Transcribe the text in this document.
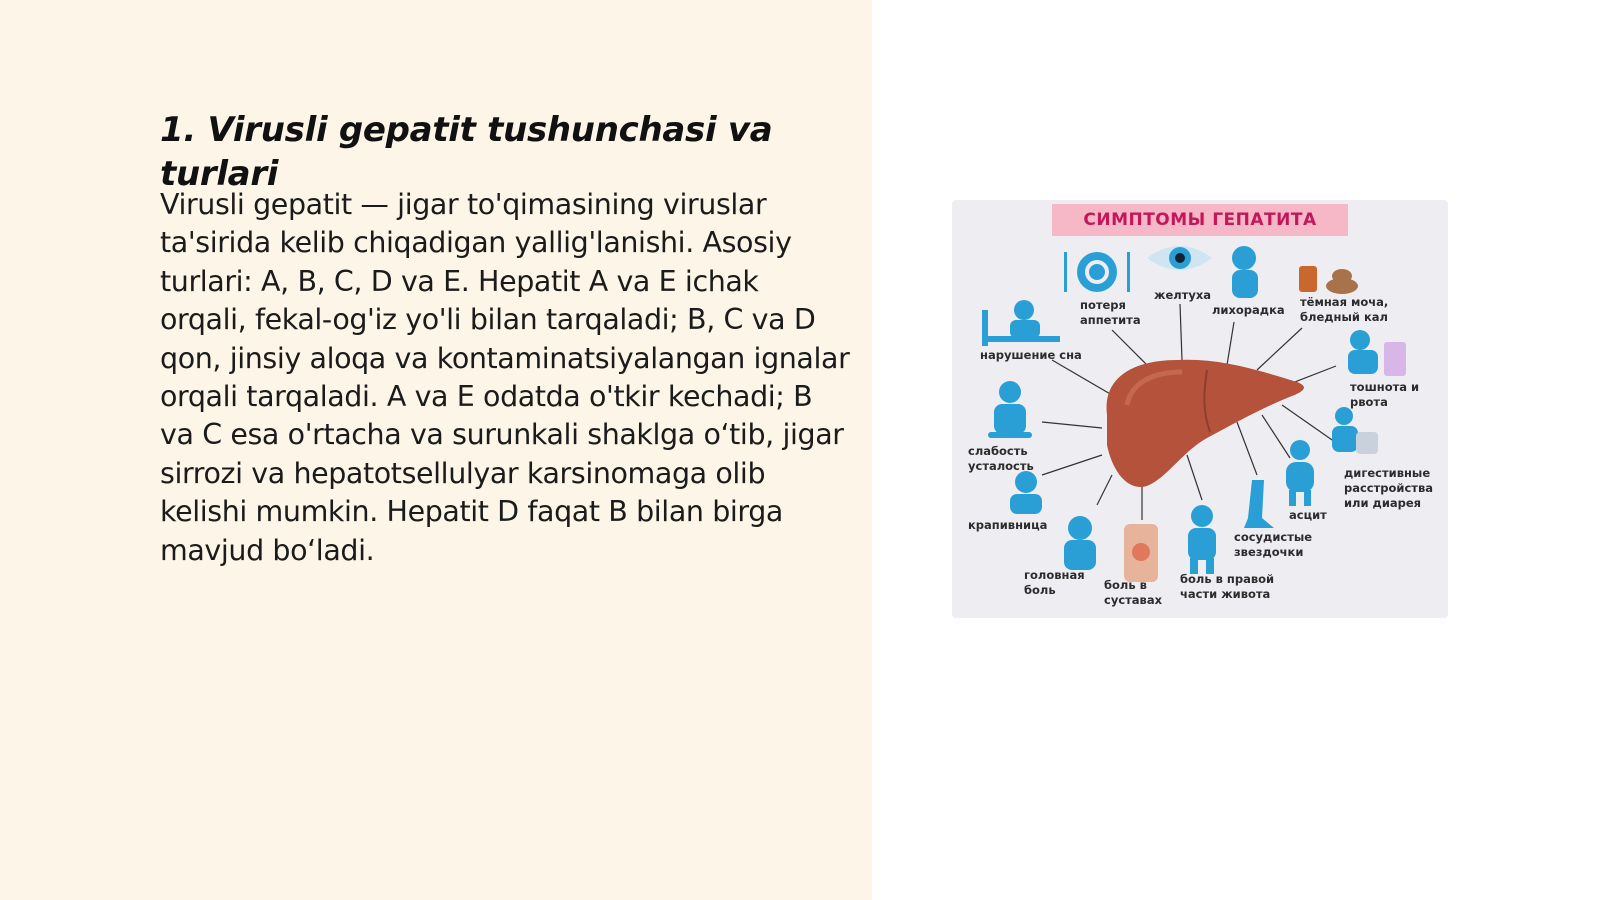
1. Virusli gepatit tushunchasi va turlari

Virusli gepatit — jigar to'qimasining viruslar ta'sirida kelib chiqadigan yallig'lanishi. Asosiy turlari: A, B, C, D va E. Hepatit A va E ichak orqali, fekal-og'iz yo'li bilan tarqaladi; B, C va D qon, jinsiy aloqa va kontaminatsiyalangan ignalar orqali tarqaladi. A va E odatda o'tkir kechadi; B va C esa o'rtacha va surunkali shaklga o‘tib, jigar sirrozi va hepatotsellulyar karsinomaga olib kelishi mumkin. Hepatit D faqat B bilan birga mavjud bo‘ladi.

СИМПТОМЫ ГЕПАТИТА
потеря
аппетита
желтуха
лихорадка
тёмная моча,
бледный кал
нарушение сна
тошнота и
рвота
слабость
усталость	дигестивные
расстройства
или диарея
крапивница
асцит
сосудистые
звездочки
головная
боль	боль в
суставах
боль в правой
части живота
